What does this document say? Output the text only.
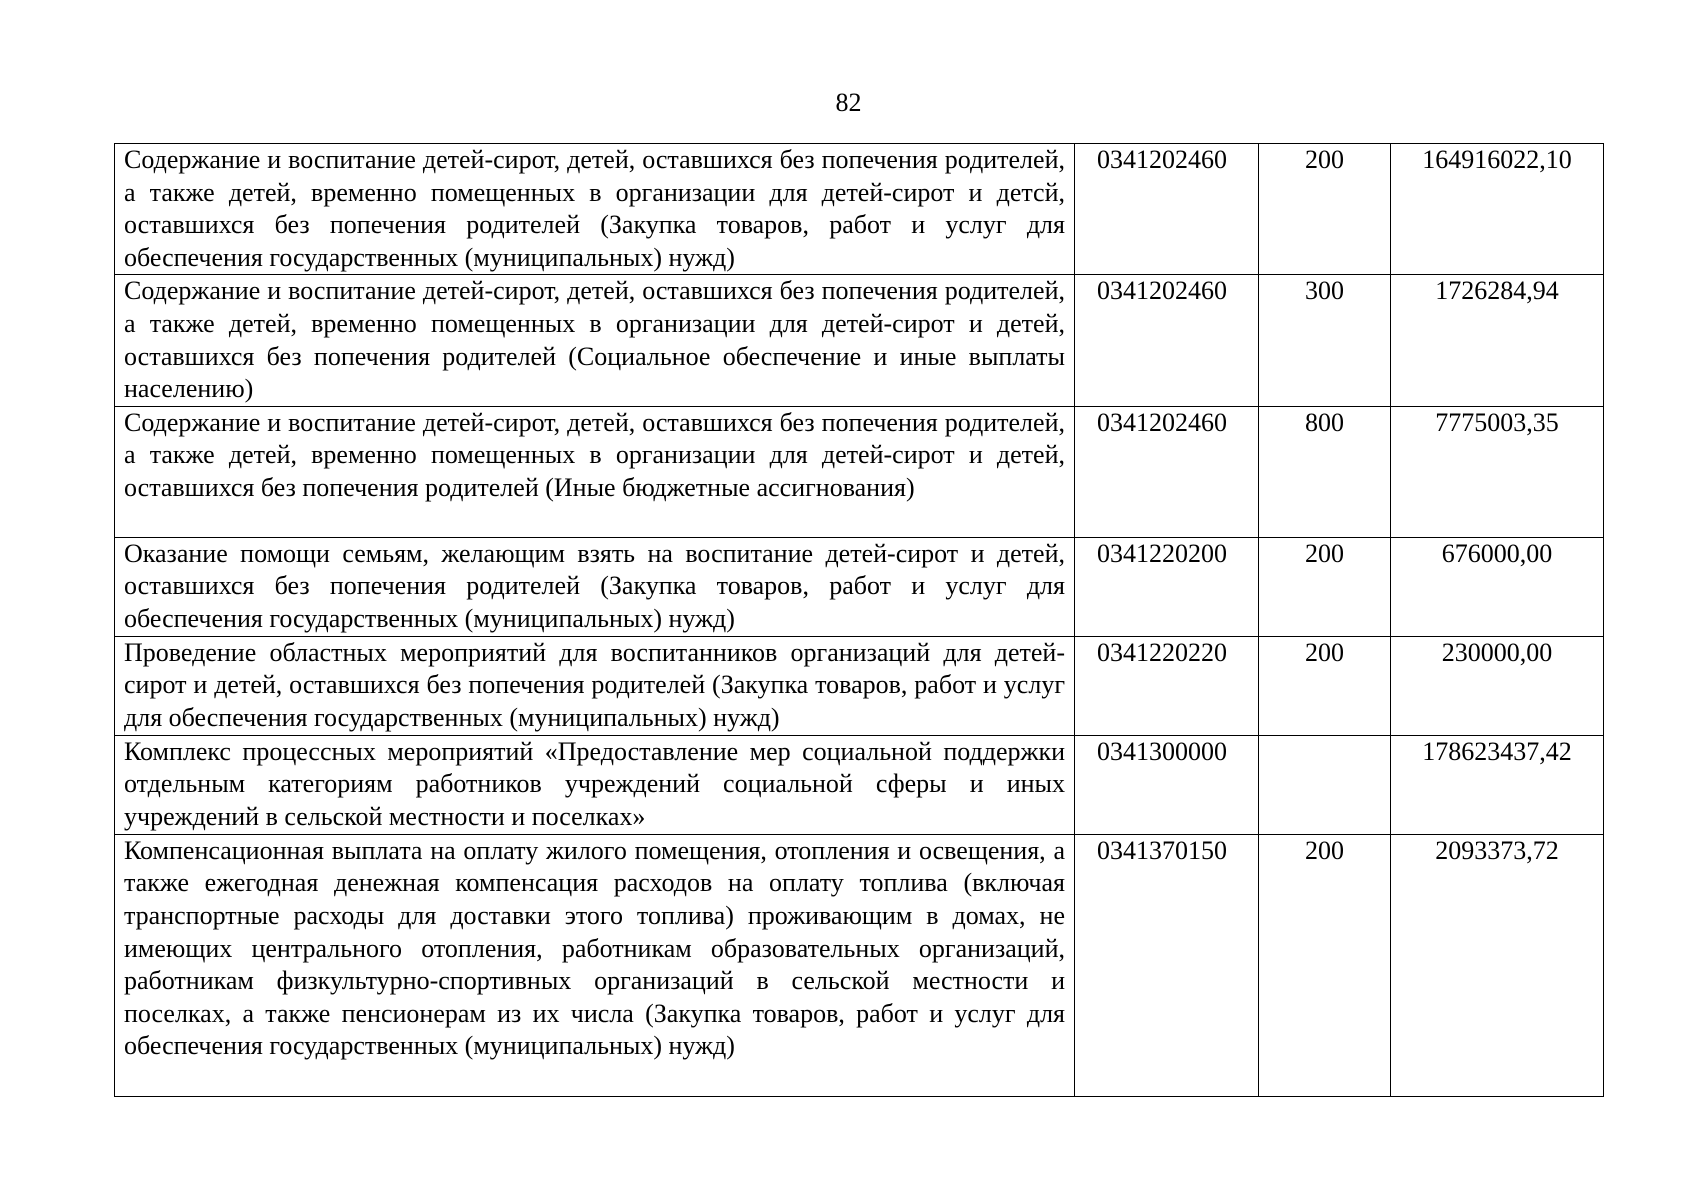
82
Содержание и воспитание детей-сирот, детей, оставшихся без попечения родителей, а также детей, временно помещенных в организации для детей-сирот и детсй, оставшихся без попечения родителей (Закупка товаров, работ и услуг для обеспечения государственных (муниципальных) нужд)	0341202460	200	164916022,10
Содержание и воспитание детей-сирот, детей, оставшихся без попечения родителей, а также детей, временно помещенных в организации для детей-сирот и детей, оставшихся без попечения родителей (Социальное обеспечение и иные выплаты населению)	0341202460	300	1726284,94
Содержание и воспитание детей-сирот, детей, оставшихся без попечения родителей, а также детей, временно помещенных в организации для детей-сирот и детей, оставшихся без попечения родителей (Иные бюджетные ассигнования)	0341202460	800	7775003,35
Оказание помощи семьям, желающим взять на воспитание детей-сирот и детей, оставшихся без попечения родителей (Закупка товаров, работ и услуг для обеспечения государственных (муниципальных) нужд)	0341220200	200	676000,00
Проведение областных мероприятий для воспитанников организаций для детей-сирот и детей, оставшихся без попечения родителей (Закупка товаров, работ и услуг для обеспечения государственных (муниципальных) нужд)	0341220220	200	230000,00
Комплекс процессных мероприятий «Предоставление мер социальной поддержки отдельным категориям работников учреждений социальной сферы и иных учреждений в сельской местности и поселках»	0341300000		178623437,42
Компенсационная выплата на оплату жилого помещения, отопления и освещения, а также ежегодная денежная компенсация расходов на оплату топлива (включая транспортные расходы для доставки этого топлива) проживающим в домах, не имеющих центрального отопления, работникам образовательных организаций, работникам физкультурно-спортивных организаций в сельской местности и поселках, а также пенсионерам из их числа (Закупка товаров, работ и услуг для обеспечения государственных (муниципальных) нужд)	0341370150	200	2093373,72
